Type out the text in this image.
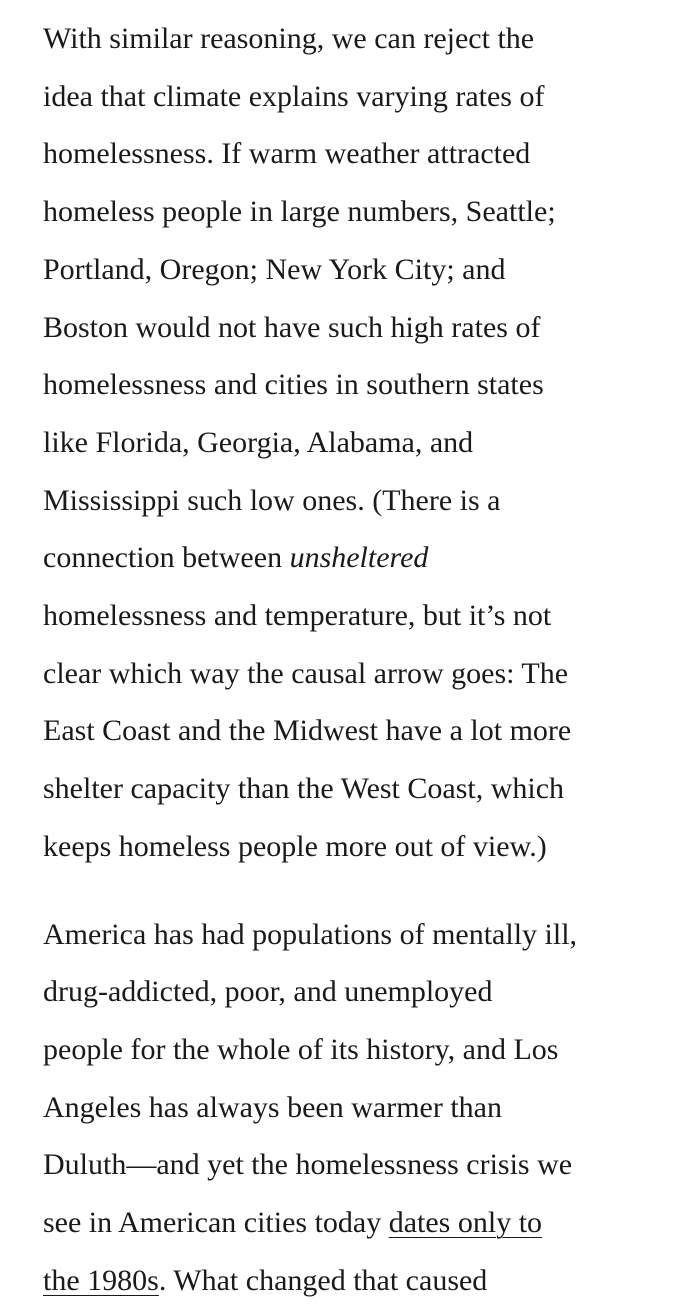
With similar reasoning, we can reject the
idea that climate explains varying rates of
homelessness. If warm weather attracted
homeless people in large numbers, Seattle;
Portland, Oregon; New York City; and
Boston would not have such high rates of
homelessness and cities in southern states
like Florida, Georgia, Alabama, and
Mississippi such low ones. (There is a
connection between unsheltered
homelessness and temperature, but it’s not
clear which way the causal arrow goes: The
East Coast and the Midwest have a lot more
shelter capacity than the West Coast, which
keeps homeless people more out of view.)

America has had populations of mentally ill,
drug-addicted, poor, and unemployed
people for the whole of its history, and Los
Angeles has always been warmer than
Duluth—and yet the homelessness crisis we
see in American cities today dates only to
the 1980s. What changed that caused
